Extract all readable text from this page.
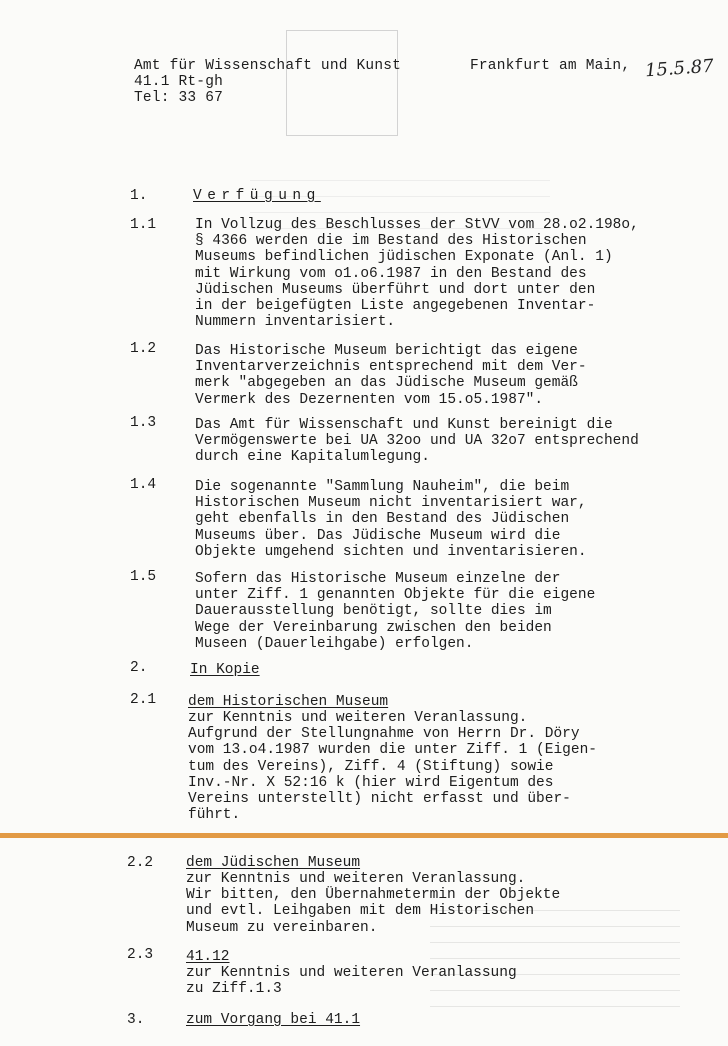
Amt für Wissenschaft und Kunst
41.1 Rt-gh
Tel: 33 67
Frankfurt am Main, 15.5.87
1.	Verfügung
1.1	In Vollzug des Beschlusses der StVV vom 28.o2.198o,
§ 4366 werden die im Bestand des Historischen
Museums befindlichen jüdischen Exponate (Anl. 1)
mit Wirkung vom o1.o6.1987 in den Bestand des
Jüdischen Museums überführt und dort unter den
in der beigefügten Liste angegebenen Inventar-
Nummern inventarisiert.
1.2	Das Historische Museum berichtigt das eigene
Inventarverzeichnis entsprechend mit dem Ver-
merk "abgegeben an das Jüdische Museum gemäß
Vermerk des Dezernenten vom 15.o5.1987".
1.3	Das Amt für Wissenschaft und Kunst bereinigt die
Vermögenswerte bei UA 32oo und UA 32o7 entsprechend
durch eine Kapitalumlegung.
1.4	Die sogenannte "Sammlung Nauheim", die beim
Historischen Museum nicht inventarisiert war,
geht ebenfalls in den Bestand des Jüdischen
Museums über. Das Jüdische Museum wird die
Objekte umgehend sichten und inventarisieren.
1.5	Sofern das Historische Museum einzelne der
unter Ziff. 1 genannten Objekte für die eigene
Dauerausstellung benötigt, sollte dies im
Wege der Vereinbarung zwischen den beiden
Museen (Dauerleihgabe) erfolgen.
2.	In Kopie
2.1 dem Historischen Museum
zur Kenntnis und weiteren Veranlassung.
Aufgrund der Stellungnahme von Herrn Dr. Döry
vom 13.o4.1987 wurden die unter Ziff. 1 (Eigen-
tum des Vereins), Ziff. 4 (Stiftung) sowie
Inv.-Nr. X 52:16 k (hier wird Eigentum des
Vereins unterstellt) nicht erfasst und über-
führt.
2.2 dem Jüdischen Museum
zur Kenntnis und weiteren Veranlassung.
Wir bitten, den Übernahmetermin der Objekte
und evtl. Leihgaben mit dem Historischen
Museum zu vereinbaren.
2.3 41.12
zur Kenntnis und weiteren Veranlassung
zu Ziff.1.3
3.	zum Vorgang bei 41.1
